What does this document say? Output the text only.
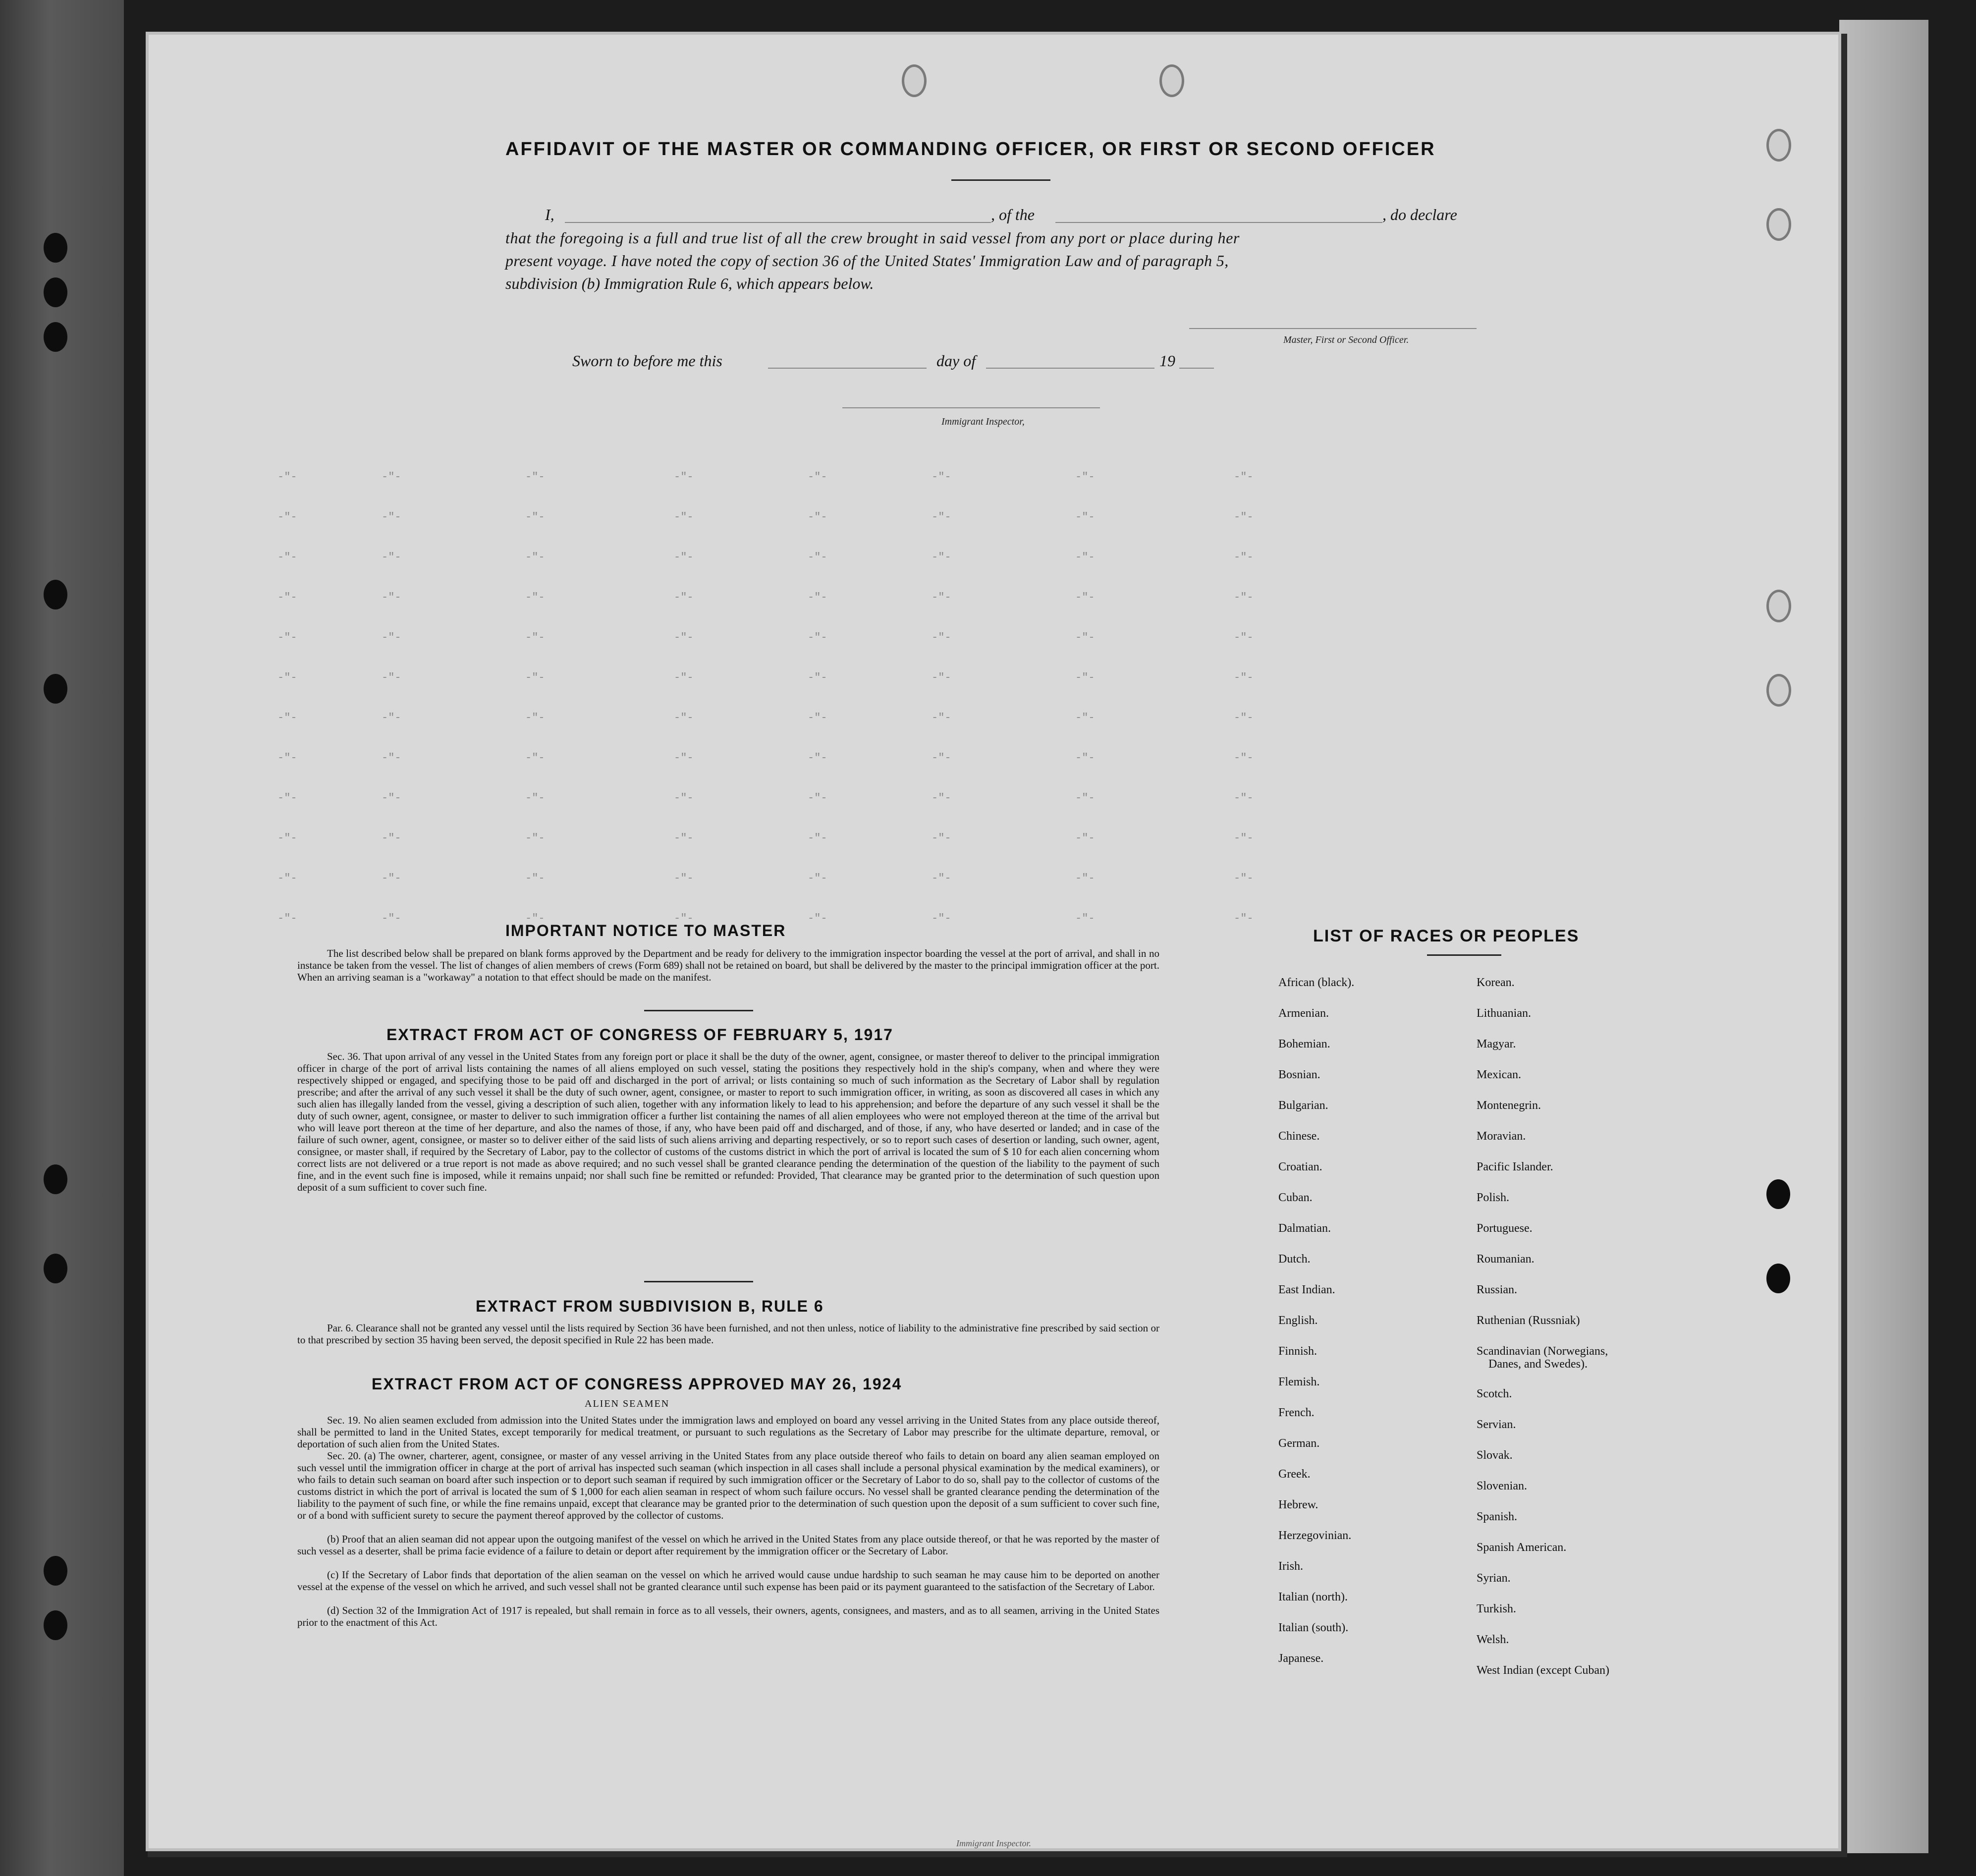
AFFIDAVIT OF THE MASTER OR COMMANDING OFFICER, OR FIRST OR SECOND OFFICER
I,	, of the	, do declare
that the foregoing is a full and true list of all the crew brought in said vessel from any port or place during her
present voyage. I have noted the copy of section 36 of the United States' Immigration Law and of paragraph 5,
subdivision (b) Immigration Rule 6, which appears below.
Master, First or Second Officer.
Sworn to before me this	day of	19
Immigrant Inspector,
-"-	-"-	-"-	-"-	-"-	-"-	-"-	-"-
-"-	-"-	-"-	-"-	-"-	-"-	-"-	-"-
-"-	-"-	-"-	-"-	-"-	-"-	-"-	-"-
-"-	-"-	-"-	-"-	-"-	-"-	-"-	-"-
-"-	-"-	-"-	-"-	-"-	-"-	-"-	-"-
-"-	-"-	-"-	-"-	-"-	-"-	-"-	-"-
-"-	-"-	-"-	-"-	-"-	-"-	-"-	-"-
-"-	-"-	-"-	-"-	-"-	-"-	-"-	-"-
-"-	-"-	-"-	-"-	-"-	-"-	-"-	-"-
-"-	-"-	-"-	-"-	-"-	-"-	-"-	-"-
-"-	-"-	-"-	-"-	-"-	-"-	-"-	-"-
-"-	-"-	-"-	-"-	-"-	-"-	-"-	-"-
IMPORTANT NOTICE TO MASTER
The list described below shall be prepared on blank forms approved by the Department and be ready for delivery to the immigration inspector boarding the vessel at the port of arrival, and shall in no instance be taken from the vessel. The list of changes of alien members of crews (Form 689) shall not be retained on board, but shall be delivered by the master to the principal immigration officer at the port. When an arriving seaman is a "workaway" a notation to that effect should be made on the manifest.
EXTRACT FROM ACT OF CONGRESS OF FEBRUARY 5, 1917
Sec. 36. That upon arrival of any vessel in the United States from any foreign port or place it shall be the duty of the owner, agent, consignee, or master thereof to deliver to the principal immigration officer in charge of the port of arrival lists containing the names of all aliens employed on such vessel, stating the positions they respectively hold in the ship's company, when and where they were respectively shipped or engaged, and specifying those to be paid off and discharged in the port of arrival; or lists containing so much of such information as the Secretary of Labor shall by regulation prescribe; and after the arrival of any such vessel it shall be the duty of such owner, agent, consignee, or master to report to such immigration officer, in writing, as soon as discovered all cases in which any such alien has illegally landed from the vessel, giving a description of such alien, together with any information likely to lead to his apprehension; and before the departure of any such vessel it shall be the duty of such owner, agent, consignee, or master to deliver to such immigration officer a further list containing the names of all alien employees who were not employed thereon at the time of the arrival but who will leave port thereon at the time of her departure, and also the names of those, if any, who have been paid off and discharged, and of those, if any, who have deserted or landed; and in case of the failure of such owner, agent, consignee, or master so to deliver either of the said lists of such aliens arriving and departing respectively, or so to report such cases of desertion or landing, such owner, agent, consignee, or master shall, if required by the Secretary of Labor, pay to the collector of customs of the customs district in which the port of arrival is located the sum of $ 10 for each alien concerning whom correct lists are not delivered or a true report is not made as above required; and no such vessel shall be granted clearance pending the determination of the question of the liability to the payment of such fine, and in the event such fine is imposed, while it remains unpaid; nor shall such fine be remitted or refunded: Provided, That clearance may be granted prior to the determination of such question upon deposit of a sum sufficient to cover such fine.
EXTRACT FROM SUBDIVISION B, RULE 6
Par. 6. Clearance shall not be granted any vessel until the lists required by Section 36 have been furnished, and not then unless, notice of liability to the administrative fine prescribed by said section or to that prescribed by section 35 having been served, the deposit specified in Rule 22 has been made.
EXTRACT FROM ACT OF CONGRESS APPROVED MAY 26, 1924
ALIEN SEAMEN
Sec. 19. No alien seamen excluded from admission into the United States under the immigration laws and employed on board any vessel arriving in the United States from any place outside thereof, shall be permitted to land in the United States, except temporarily for medical treatment, or pursuant to such regulations as the Secretary of Labor may prescribe for the ultimate departure, removal, or deportation of such alien from the United States.
Sec. 20. (a) The owner, charterer, agent, consignee, or master of any vessel arriving in the United States from any place outside thereof who fails to detain on board any alien seaman employed on such vessel until the immigration officer in charge at the port of arrival has inspected such seaman (which inspection in all cases shall include a personal physical examination by the medical examiners), or who fails to detain such seaman on board after such inspection or to deport such seaman if required by such immigration officer or the Secretary of Labor to do so, shall pay to the collector of customs of the customs district in which the port of arrival is located the sum of $ 1,000 for each alien seaman in respect of whom such failure occurs. No vessel shall be granted clearance pending the determination of the liability to the payment of such fine, or while the fine remains unpaid, except that clearance may be granted prior to the determination of such question upon the deposit of a sum sufficient to cover such fine, or of a bond with sufficient surety to secure the payment thereof approved by the collector of customs.
(b) Proof that an alien seaman did not appear upon the outgoing manifest of the vessel on which he arrived in the United States from any place outside thereof, or that he was reported by the master of such vessel as a deserter, shall be prima facie evidence of a failure to detain or deport after requirement by the immigration officer or the Secretary of Labor.
(c) If the Secretary of Labor finds that deportation of the alien seaman on the vessel on which he arrived would cause undue hardship to such seaman he may cause him to be deported on another vessel at the expense of the vessel on which he arrived, and such vessel shall not be granted clearance until such expense has been paid or its payment guaranteed to the satisfaction of the Secretary of Labor.
(d) Section 32 of the Immigration Act of 1917 is repealed, but shall remain in force as to all vessels, their owners, agents, consignees, and masters, and as to all seamen, arriving in the United States prior to the enactment of this Act.
LIST OF RACES OR PEOPLES
African (black).
Armenian.
Bohemian.
Bosnian.
Bulgarian.
Chinese.
Croatian.
Cuban.
Dalmatian.
Dutch.
East Indian.
English.
Finnish.
Flemish.
French.
German.
Greek.
Hebrew.
Herzegovinian.
Irish.
Italian (north).
Italian (south).
Japanese.
Korean.
Lithuanian.
Magyar.
Mexican.
Montenegrin.
Moravian.
Pacific Islander.
Polish.
Portuguese.
Roumanian.
Russian.
Ruthenian (Russniak)
Scandinavian (Norwegians,
Danes, and Swedes).
Scotch.
Servian.
Slovak.
Slovenian.
Spanish.
Spanish American.
Syrian.
Turkish.
Welsh.
West Indian (except Cuban)
Immigrant Inspector.
